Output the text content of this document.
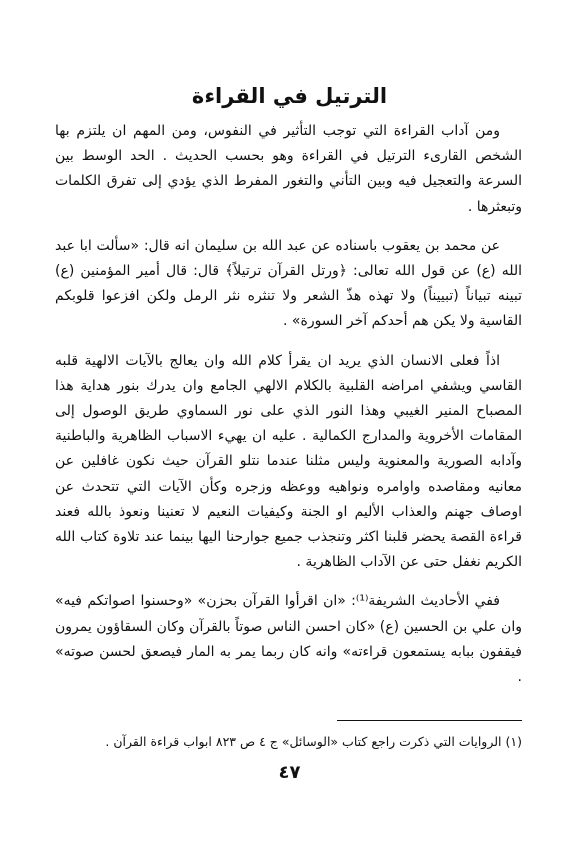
الترتيل في القراءة

ومن آداب القراءة التي توجب التأثير في النفوس، ومن المهم ان يلتزم بها الشخص القارىء الترتيل في القراءة وهو بحسب الحديث . الحد الوسط بين السرعة والتعجيل فيه وبين التأني والتغور المفرط الذي يؤدي إلى تفرق الكلمات وتبعثرها .

عن محمد بن يعقوب باسناده عن عبد الله بن سليمان انه قال: «سألت ابا عبد الله (ع) عن قول الله تعالى: ﴿ورتل القرآن ترتيلاً﴾ قال: قال أمير المؤمنين (ع) تبينه تبياناً (تبييناً) ولا تهذه هذّ الشعر ولا تنثره نثر الرمل ولكن افزعوا قلوبكم القاسية ولا يكن هم أحدكم آخر السورة» .

اذاً فعلى الانسان الذي يريد ان يقرأ كلام الله وان يعالج بالآيات الالهية قلبه القاسي ويشفي امراضه القلبية بالكلام الالهي الجامع وان يدرك بنور هداية هذا المصباح المنير الغيبي وهذا النور الذي على نور السماوي طريق الوصول إلى المقامات الأخروية والمدارج الكمالية . عليه ان يهيء الاسباب الظاهرية والباطنية وآدابه الصورية والمعنوية وليس مثلنا عندما نتلو القرآن حيث نكون غافلين عن معانيه ومقاصده واوامره ونواهيه ووعظه وزجره وكأن الآيات التي تتحدث عن اوصاف جهنم والعذاب الأليم او الجنة وكيفيات النعيم لا تعنينا ونعوذ بالله فعند قراءة القصة يحضر قلبنا اكثر وتنجذب جميع جوارحنا اليها بينما عند تلاوة كتاب الله الكريم نغفل حتى عن الآداب الظاهرية .

ففي الأحاديث الشريفة⁽¹⁾: «ان اقرأوا القرآن بحزن» «وحسنوا اصواتكم فيه» وان علي بن الحسين (ع) «كان احسن الناس صوتاً بالقرآن وكان السقاؤون يمرون فيقفون ببابه يستمعون قراءته» وانه كان ربما يمر به المار فيصعق لحسن صوته» .

(١) الروايات التي ذكرت راجع كتاب «الوسائل» ج ٤ ص ٨٢٣ ابواب قراءة القرآن .

٤٧
